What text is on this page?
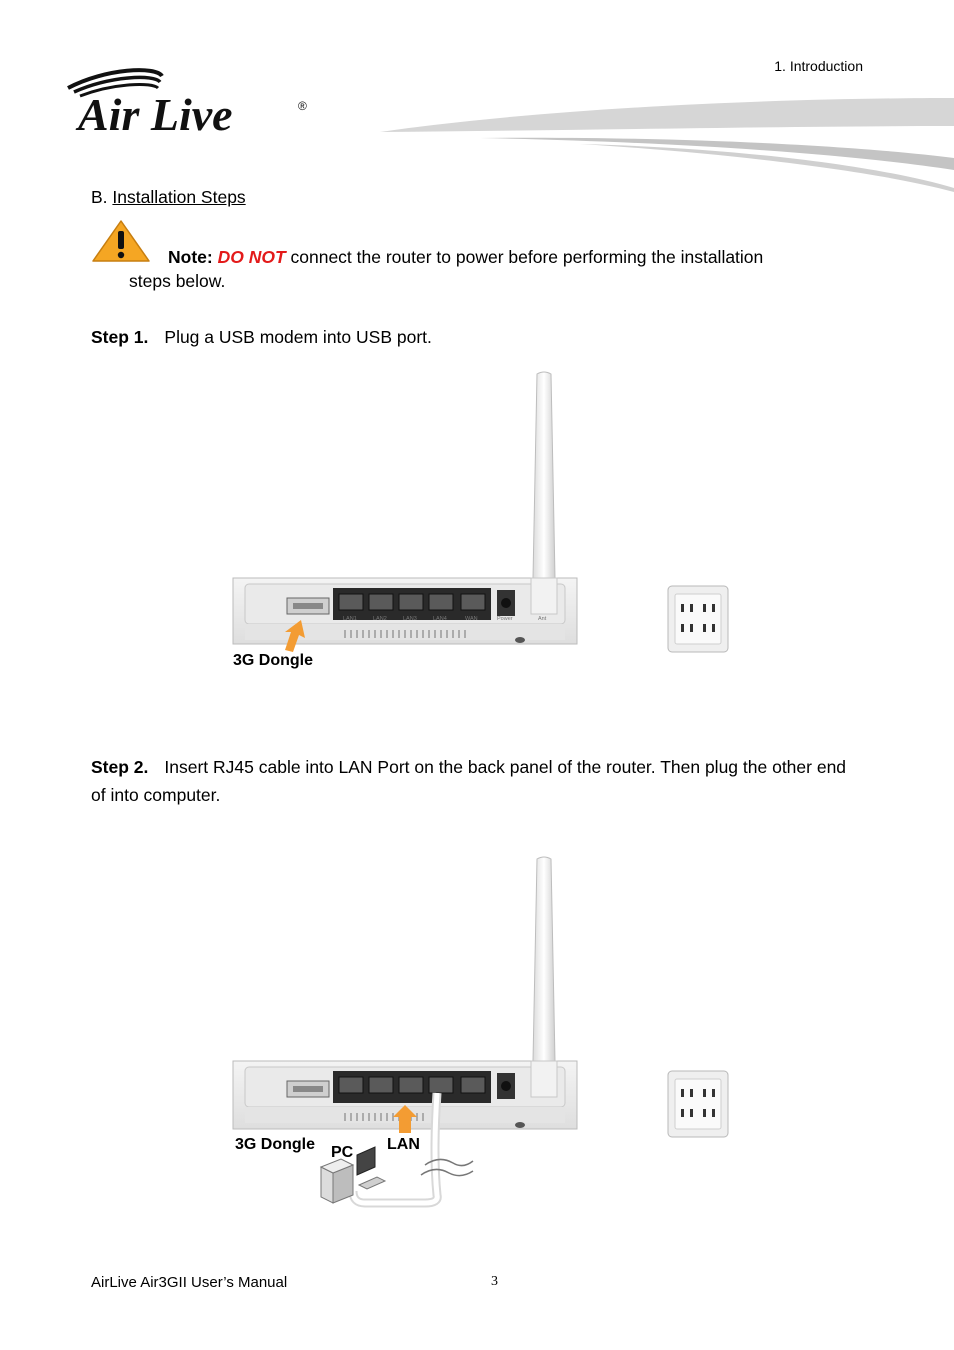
1. Introduction
Air Live	®
B. Installation Steps
Note: DO NOT connect the router to power before performing the installation
steps below.
Step 1. Plug a USB modem into USB port.
LAN1	LAN2	LAN3	LAN4	WAN	Power	Ant
3G Dongle
Step 2. Insert RJ45 cable into LAN Port on the back panel of the router. Then plug the other end of into computer.
3G Dongle PC LAN
AirLive Air3GII User’s Manual	3
